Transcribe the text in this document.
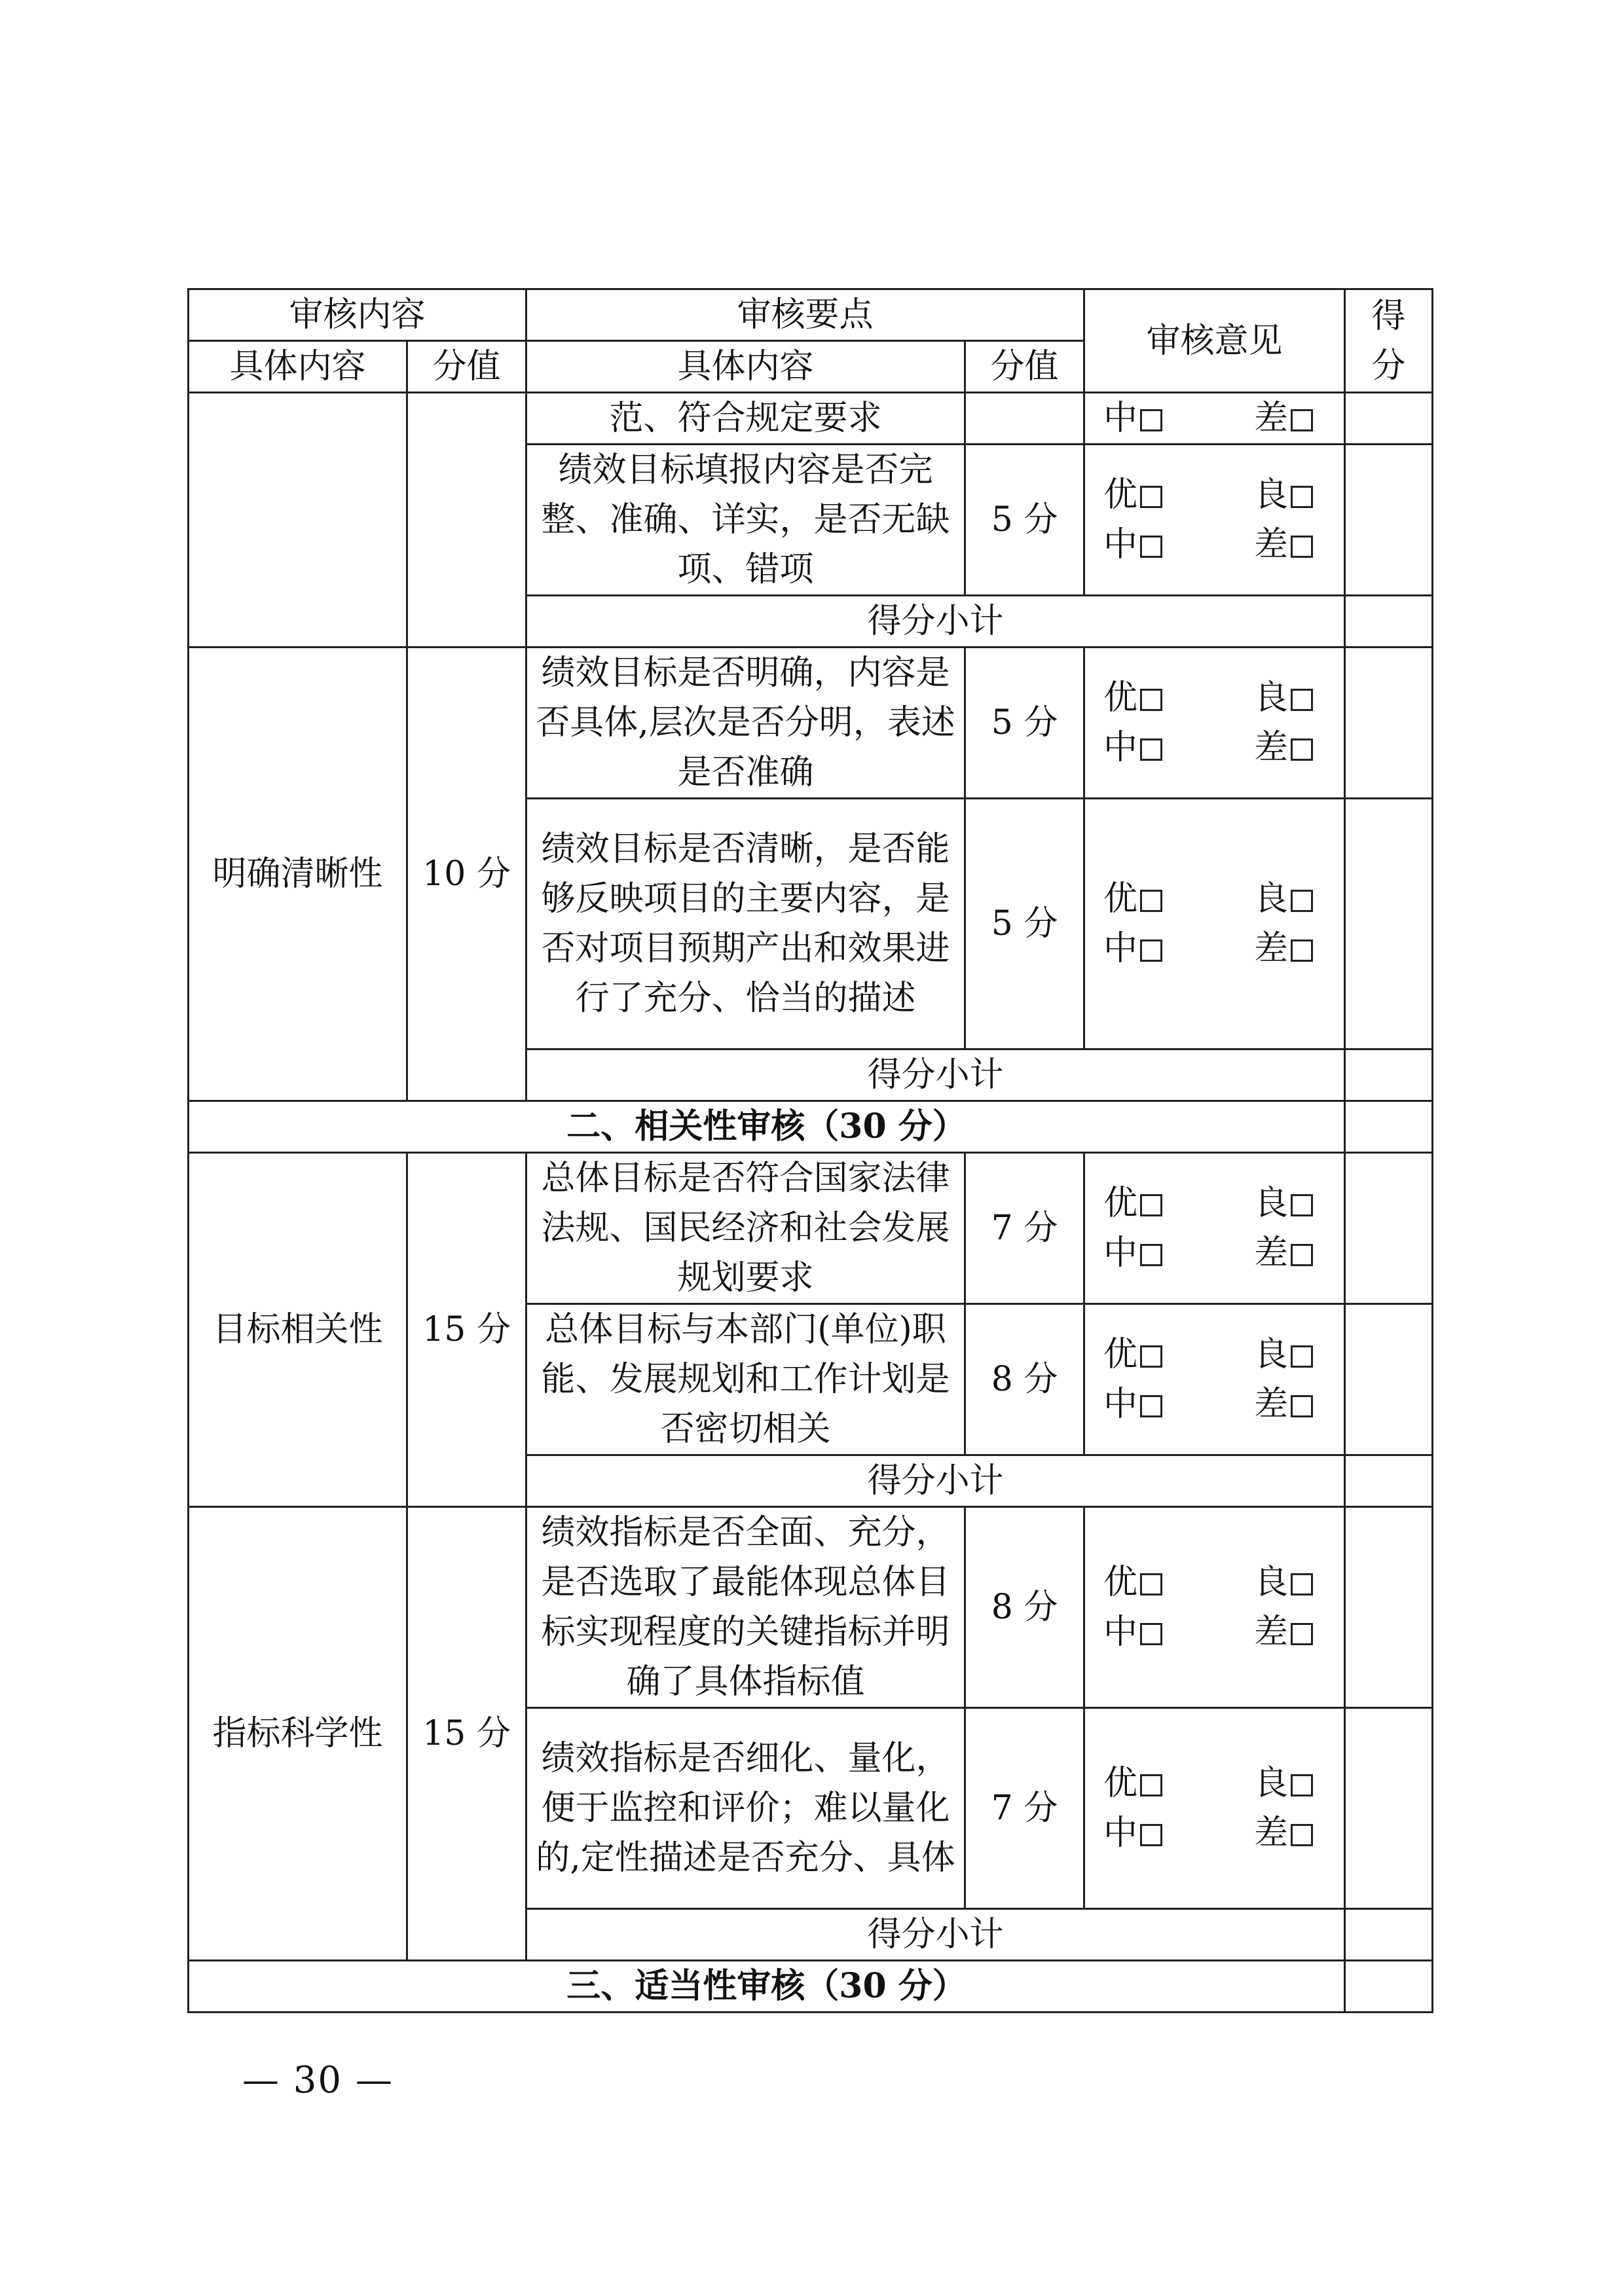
审核内容		审核要点		审核意见	得
分

具体内容	分值	具体内容	分值		
		范、符合规定要求		中 差	

		绩效目标填报内容是否完整、准确、详实，是否无缺项、错项	5 分	优 良
中 差	

		得分小计			
明确清晰性	10 分	绩效目标是否明确，内容是否具体,层次是否分明，表述是否准确	5 分	优 良
中 差	

		绩效目标是否清晰，是否能够反映项目的主要内容，是否对项目预期产出和效果进行了充分、恰当的描述	5 分	优 良
中 差	

		得分小计			
二、相关性审核（30 分）					
目标相关性	15 分	总体目标是否符合国家法律法规、国民经济和社会发展规划要求	7 分	优 良
中 差	

		总体目标与本部门(单位)职能、发展规划和工作计划是否密切相关	8 分	优 良
中 差	

		得分小计			
指标科学性	15 分	绩效指标是否全面、充分，是否选取了最能体现总体目标实现程度的关键指标并明确了具体指标值	8 分	优 良
中 差	

		绩效指标是否细化、量化，便于监控和评价；难以量化的,定性描述是否充分、具体	7 分	优 良
中 差	

		得分小计			
三、适当性审核（30 分）					
— 30 —
